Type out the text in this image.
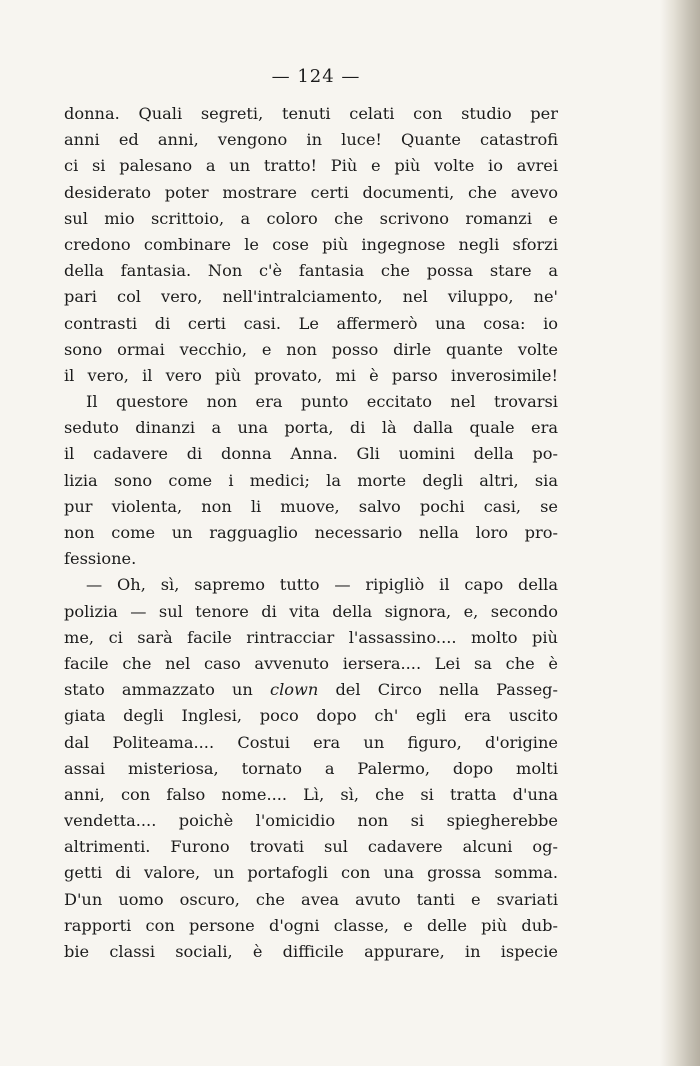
— 124 —
donna. Quali segreti, tenuti celati con studio per
anni ed anni, vengono in luce! Quante catastrofi
ci si palesano a un tratto! Più e più volte io avrei
desiderato poter mostrare certi documenti, che avevo
sul mio scrittoio, a coloro che scrivono romanzi e
credono combinare le cose più ingegnose negli sforzi
della fantasia. Non c'è fantasia che possa stare a
pari col vero, nell'intralciamento, nel viluppo, ne'
contrasti di certi casi. Le affermerò una cosa: io
sono ormai vecchio, e non posso dirle quante volte
il vero, il vero più provato, mi è parso inverosimile!
Il questore non era punto eccitato nel trovarsi
seduto dinanzi a una porta, di là dalla quale era
il cadavere di donna Anna. Gli uomini della po-
lizia sono come i medici; la morte degli altri, sia
pur violenta, non li muove, salvo pochi casi, se
non come un ragguaglio necessario nella loro pro-
fessione.
— Oh, sì, sapremo tutto — ripigliò il capo della
polizia — sul tenore di vita della signora, e, secondo
me, ci sarà facile rintracciar l'assassino.... molto più
facile che nel caso avvenuto iersera.... Lei sa che è
stato ammazzato un clown del Circo nella Passeg-
giata degli Inglesi, poco dopo ch' egli era uscito
dal Politeama.... Costui era un figuro, d'origine
assai misteriosa, tornato a Palermo, dopo molti
anni, con falso nome.... Lì, sì, che si tratta d'una
vendetta.... poichè l'omicidio non si spiegherebbe
altrimenti. Furono trovati sul cadavere alcuni og-
getti di valore, un portafogli con una grossa somma.
D'un uomo oscuro, che avea avuto tanti e svariati
rapporti con persone d'ogni classe, e delle più dub-
bie classi sociali, è difficile appurare, in ispecie
